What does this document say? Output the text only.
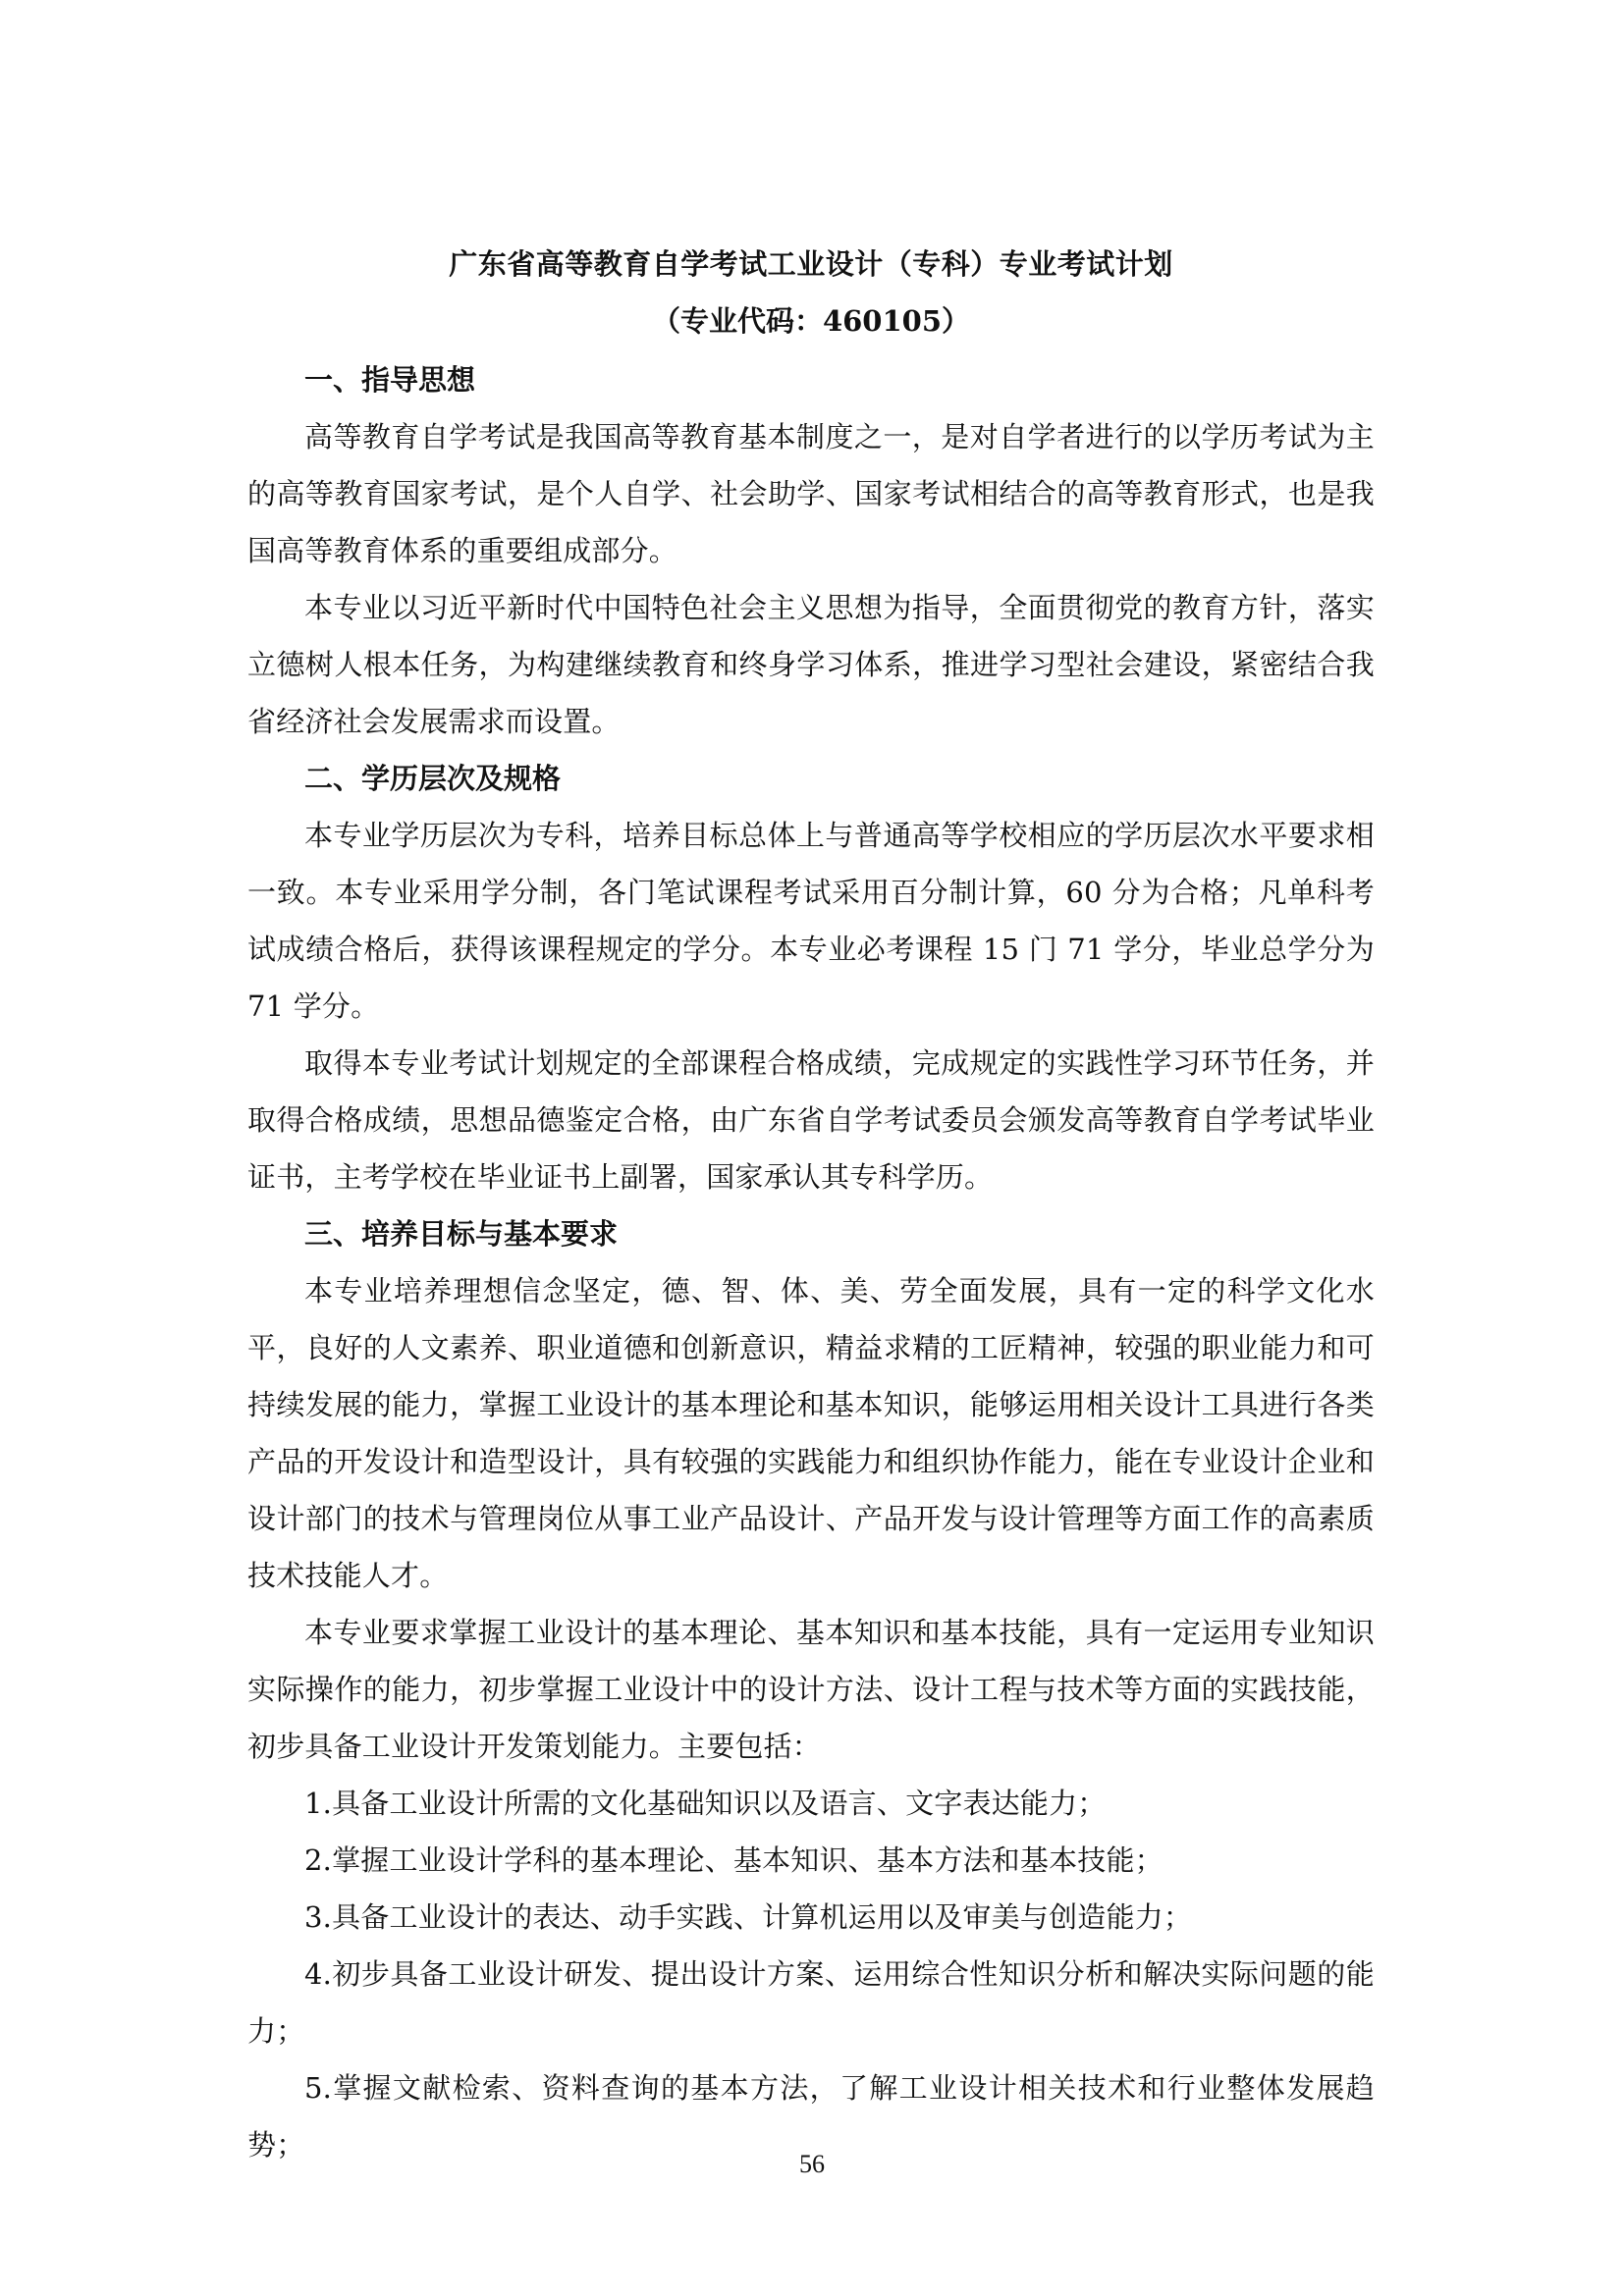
广东省高等教育自学考试工业设计（专科）专业考试计划

（专业代码：460105）

一、指导思想

高等教育自学考试是我国高等教育基本制度之一，是对自学者进行的以学历考试为主的高等教育国家考试，是个人自学、社会助学、国家考试相结合的高等教育形式，也是我国高等教育体系的重要组成部分。

本专业以习近平新时代中国特色社会主义思想为指导，全面贯彻党的教育方针，落实立德树人根本任务，为构建继续教育和终身学习体系，推进学习型社会建设，紧密结合我省经济社会发展需求而设置。

二、学历层次及规格

本专业学历层次为专科，培养目标总体上与普通高等学校相应的学历层次水平要求相一致。本专业采用学分制，各门笔试课程考试采用百分制计算，60 分为合格；凡单科考试成绩合格后，获得该课程规定的学分。本专业必考课程 15 门 71 学分，毕业总学分为 71 学分。

取得本专业考试计划规定的全部课程合格成绩，完成规定的实践性学习环节任务，并取得合格成绩，思想品德鉴定合格，由广东省自学考试委员会颁发高等教育自学考试毕业证书，主考学校在毕业证书上副署，国家承认其专科学历。

三、培养目标与基本要求

本专业培养理想信念坚定，德、智、体、美、劳全面发展，具有一定的科学文化水平，良好的人文素养、职业道德和创新意识，精益求精的工匠精神，较强的职业能力和可持续发展的能力，掌握工业设计的基本理论和基本知识，能够运用相关设计工具进行各类产品的开发设计和造型设计，具有较强的实践能力和组织协作能力，能在专业设计企业和设计部门的技术与管理岗位从事工业产品设计、产品开发与设计管理等方面工作的高素质技术技能人才。

本专业要求掌握工业设计的基本理论、基本知识和基本技能，具有一定运用专业知识实际操作的能力，初步掌握工业设计中的设计方法、设计工程与技术等方面的实践技能，初步具备工业设计开发策划能力。主要包括：

1.具备工业设计所需的文化基础知识以及语言、文字表达能力；

2.掌握工业设计学科的基本理论、基本知识、基本方法和基本技能；

3.具备工业设计的表达、动手实践、计算机运用以及审美与创造能力；

4.初步具备工业设计研发、提出设计方案、运用综合性知识分析和解决实际问题的能力；

5.掌握文献检索、资料查询的基本方法，了解工业设计相关技术和行业整体发展趋势；

56
